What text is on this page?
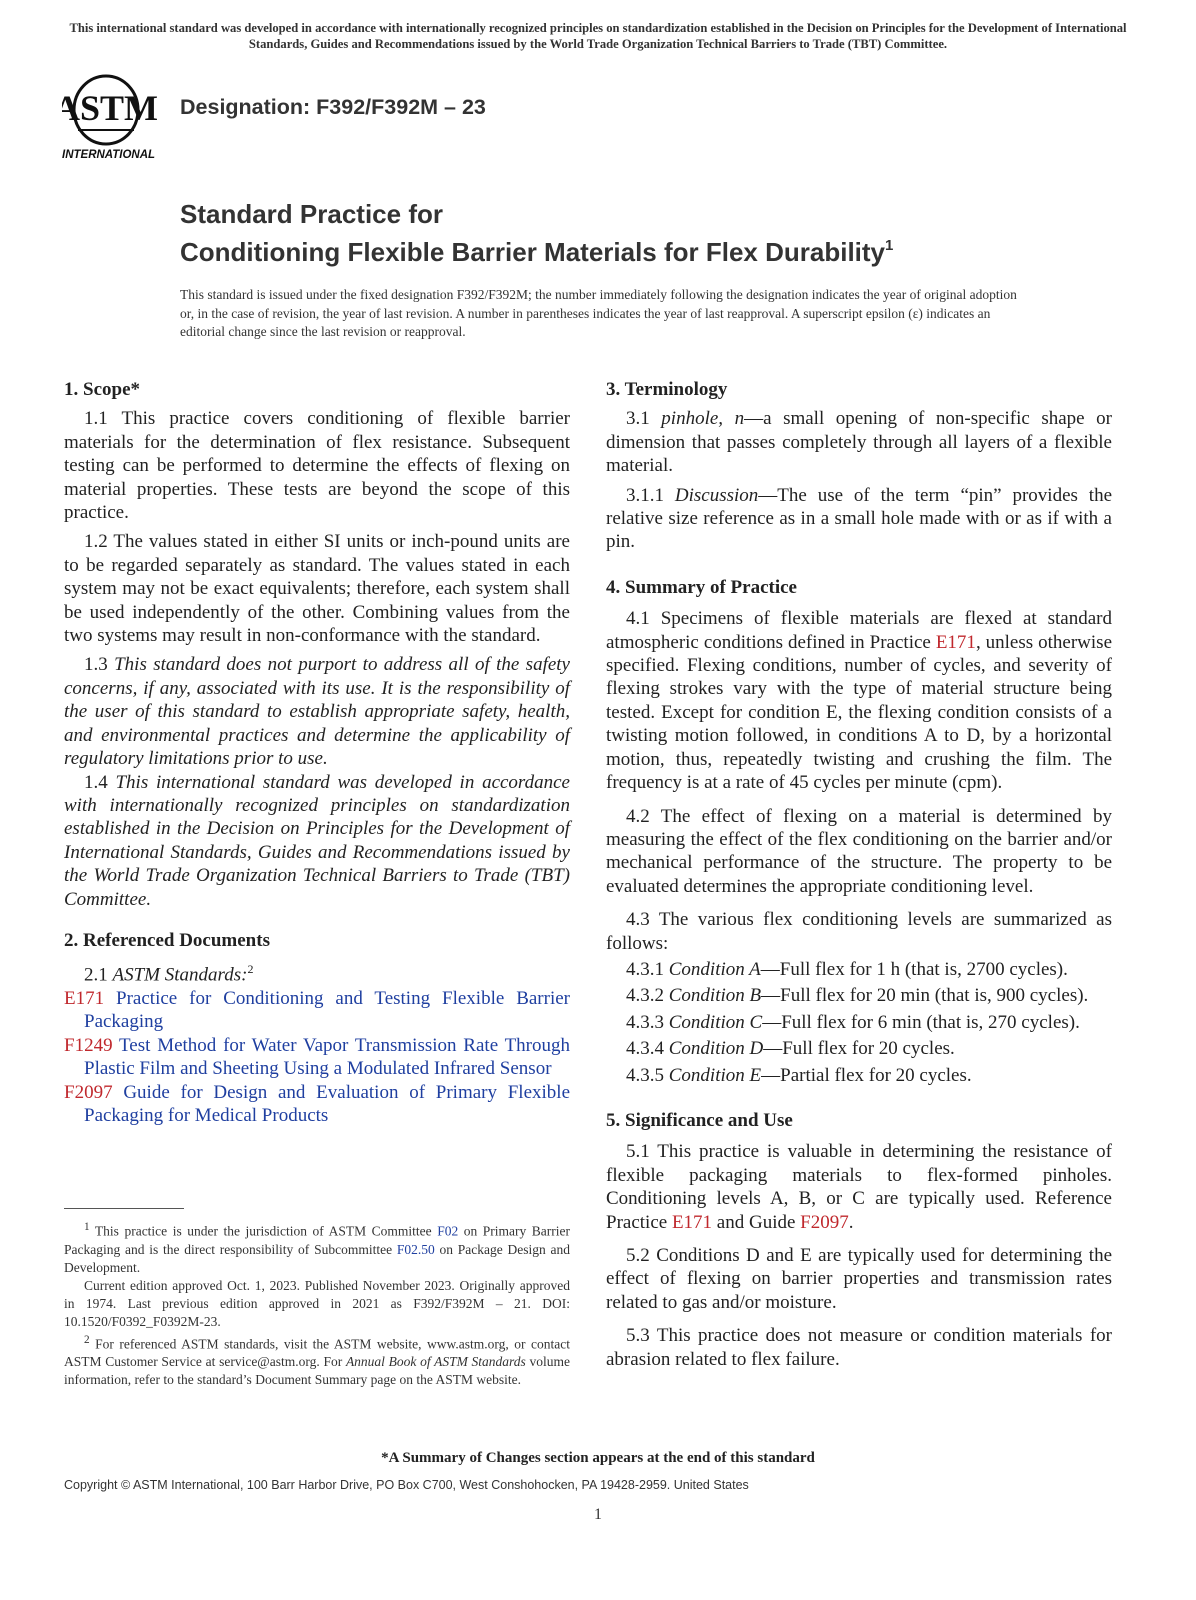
This international standard was developed in accordance with internationally recognized principles on standardization established in the Decision on Principles for the Development of International Standards, Guides and Recommendations issued by the World Trade Organization Technical Barriers to Trade (TBT) Committee.
ASTM
INTERNATIONAL
Designation: F392/F392M – 23
Standard Practice for
Conditioning Flexible Barrier Materials for Flex Durability$^1$
This standard is issued under the fixed designation F392/F392M; the number immediately following the designation indicates the year of original adoption or, in the case of revision, the year of last revision. A number in parentheses indicates the year of last reapproval. A superscript epsilon (ε) indicates an editorial change since the last revision or reapproval.

1. Scope*

1.1 This practice covers conditioning of flexible barrier materials for the determination of flex resistance. Subsequent testing can be performed to determine the effects of flexing on material properties. These tests are beyond the scope of this practice.

1.2 The values stated in either SI units or inch-pound units are to be regarded separately as standard. The values stated in each system may not be exact equivalents; therefore, each system shall be used independently of the other. Combining values from the two systems may result in non-conformance with the standard.

1.3 This standard does not purport to address all of the safety concerns, if any, associated with its use. It is the responsibility of the user of this standard to establish appropriate safety, health, and environmental practices and determine the applicability of regulatory limitations prior to use.

1.4 This international standard was developed in accordance with internationally recognized principles on standardization established in the Decision on Principles for the Development of International Standards, Guides and Recommendations issued by the World Trade Organization Technical Barriers to Trade (TBT) Committee.

2. Referenced Documents

2.1 ASTM Standards:$^2$

E171 Practice for Conditioning and Testing Flexible Barrier Packaging

F1249 Test Method for Water Vapor Transmission Rate Through Plastic Film and Sheeting Using a Modulated Infrared Sensor

F2097 Guide for Design and Evaluation of Primary Flexible Packaging for Medical Products

$^1$ This practice is under the jurisdiction of ASTM Committee F02 on Primary Barrier Packaging and is the direct responsibility of Subcommittee F02.50 on Package Design and Development.

Current edition approved Oct. 1, 2023. Published November 2023. Originally approved in 1974. Last previous edition approved in 2021 as F392/F392M – 21. DOI: 10.1520/F0392_F0392M-23.

$^2$ For referenced ASTM standards, visit the ASTM website, www.astm.org, or contact ASTM Customer Service at service@astm.org. For Annual Book of ASTM Standards volume information, refer to the standard’s Document Summary page on the ASTM website.

3. Terminology

3.1 pinhole, n—a small opening of non-specific shape or dimension that passes completely through all layers of a flexible material.

3.1.1 Discussion—The use of the term “pin” provides the relative size reference as in a small hole made with or as if with a pin.

4. Summary of Practice

4.1 Specimens of flexible materials are flexed at standard atmospheric conditions defined in Practice E171, unless otherwise specified. Flexing conditions, number of cycles, and severity of flexing strokes vary with the type of material structure being tested. Except for condition E, the flexing condition consists of a twisting motion followed, in conditions A to D, by a horizontal motion, thus, repeatedly twisting and crushing the film. The frequency is at a rate of 45 cycles per minute (cpm).

4.2 The effect of flexing on a material is determined by measuring the effect of the flex conditioning on the barrier and/or mechanical performance of the structure. The property to be evaluated determines the appropriate conditioning level.

4.3 The various flex conditioning levels are summarized as follows:

4.3.1 Condition A—Full flex for 1 h (that is, 2700 cycles).

4.3.2 Condition B—Full flex for 20 min (that is, 900 cycles).

4.3.3 Condition C—Full flex for 6 min (that is, 270 cycles).

4.3.4 Condition D—Full flex for 20 cycles.

4.3.5 Condition E—Partial flex for 20 cycles.

5. Significance and Use

5.1 This practice is valuable in determining the resistance of flexible packaging materials to flex-formed pinholes. Conditioning levels A, B, or C are typically used. Reference Practice E171 and Guide F2097.

5.2 Conditions D and E are typically used for determining the effect of flexing on barrier properties and transmission rates related to gas and/or moisture.

5.3 This practice does not measure or condition materials for abrasion related to flex failure.

*A Summary of Changes section appears at the end of this standard
Copyright © ASTM International, 100 Barr Harbor Drive, PO Box C700, West Conshohocken, PA 19428-2959. United States
1
